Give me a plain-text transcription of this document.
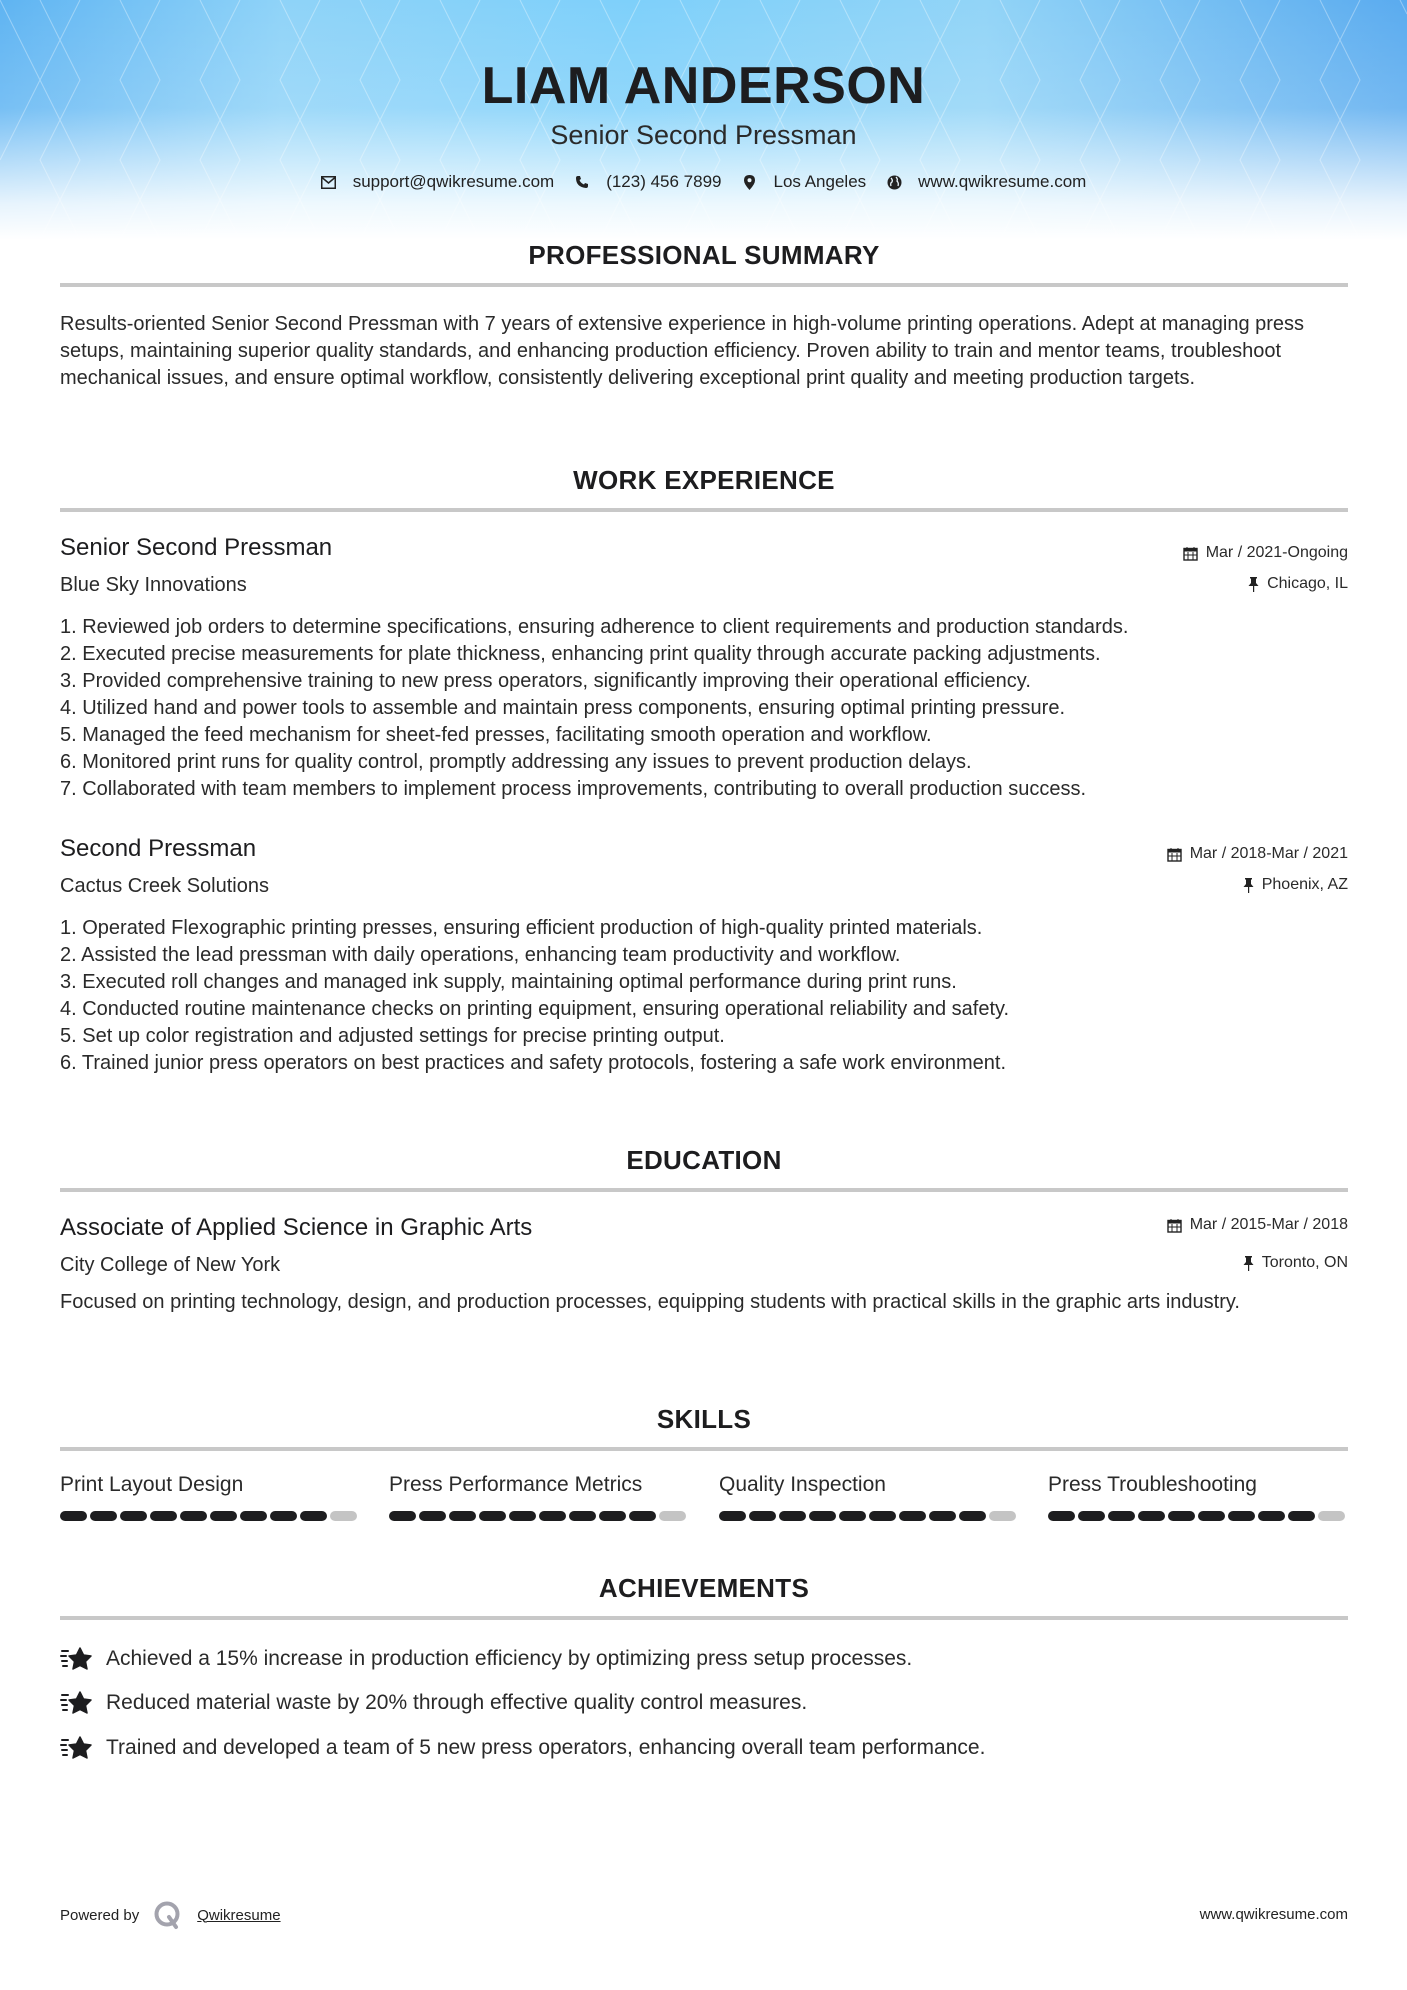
LIAM ANDERSON
Senior Second Pressman
support@qwikresume.com	(123) 456 7899	Los Angeles	www.qwikresume.com
PROFESSIONAL SUMMARY
Results-oriented Senior Second Pressman with 7 years of extensive experience in high-volume printing operations. Adept at managing press setups, maintaining superior quality standards, and enhancing production efficiency. Proven ability to train and mentor teams, troubleshoot mechanical issues, and ensure optimal workflow, consistently delivering exceptional print quality and meeting production targets.
WORK EXPERIENCE
Senior Second Pressman
Blue Sky Innovations
Mar / 2021-Ongoing
Chicago, IL
1. Reviewed job orders to determine specifications, ensuring adherence to client requirements and production standards.
2. Executed precise measurements for plate thickness, enhancing print quality through accurate packing adjustments.
3. Provided comprehensive training to new press operators, significantly improving their operational efficiency.
4. Utilized hand and power tools to assemble and maintain press components, ensuring optimal printing pressure.
5. Managed the feed mechanism for sheet-fed presses, facilitating smooth operation and workflow.
6. Monitored print runs for quality control, promptly addressing any issues to prevent production delays.
7. Collaborated with team members to implement process improvements, contributing to overall production success.
Second Pressman
Cactus Creek Solutions
Mar / 2018-Mar / 2021
Phoenix, AZ
1. Operated Flexographic printing presses, ensuring efficient production of high-quality printed materials.
2. Assisted the lead pressman with daily operations, enhancing team productivity and workflow.
3. Executed roll changes and managed ink supply, maintaining optimal performance during print runs.
4. Conducted routine maintenance checks on printing equipment, ensuring operational reliability and safety.
5. Set up color registration and adjusted settings for precise printing output.
6. Trained junior press operators on best practices and safety protocols, fostering a safe work environment.
EDUCATION
Associate of Applied Science in Graphic Arts
City College of New York
Mar / 2015-Mar / 2018
Toronto, ON
Focused on printing technology, design, and production processes, equipping students with practical skills in the graphic arts industry.
SKILLS
Print Layout Design	Press Performance Metrics	Quality Inspection	Press Troubleshooting
ACHIEVEMENTS
Achieved a 15% increase in production efficiency by optimizing press setup processes.
Reduced material waste by 20% through effective quality control measures.
Trained and developed a team of 5 new press operators, enhancing overall team performance.
Powered by	Qwikresume	www.qwikresume.com
